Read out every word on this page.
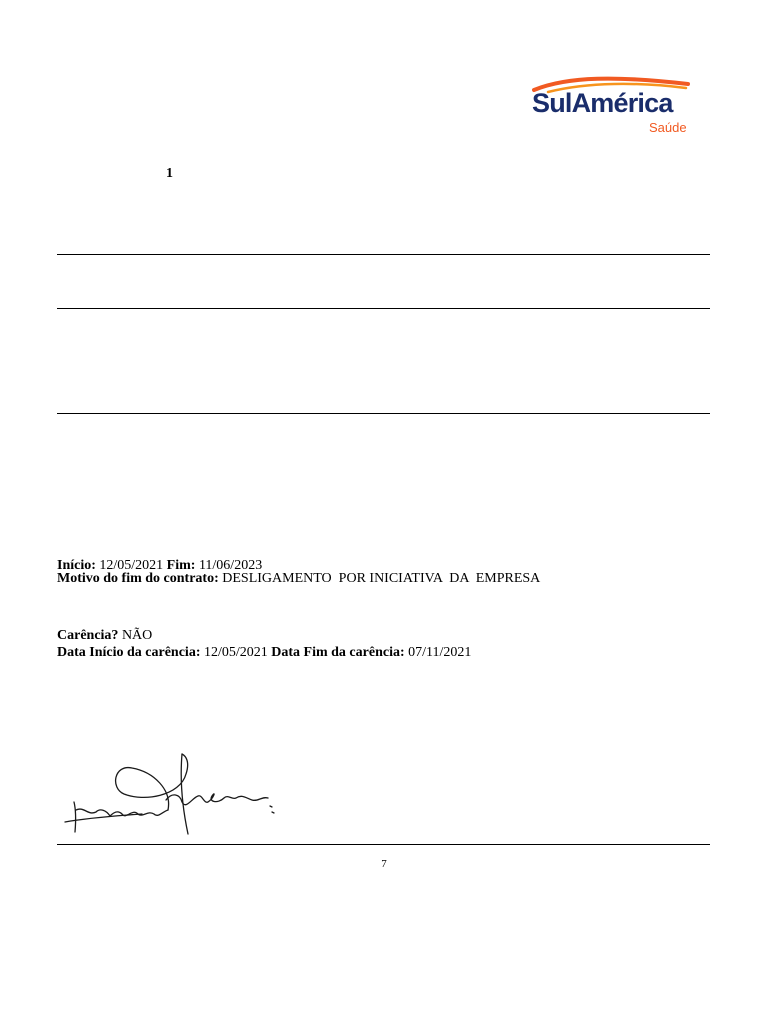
SulAmérica
Saúde
1
Início: 12/05/2021 Fim: 11/06/2023
Motivo do fim do contrato: DESLIGAMENTO  POR INICIATIVA  DA  EMPRESA
Carência? NÃO
Data Início da carência: 12/05/2021 Data Fim da carência: 07/11/2021
7
